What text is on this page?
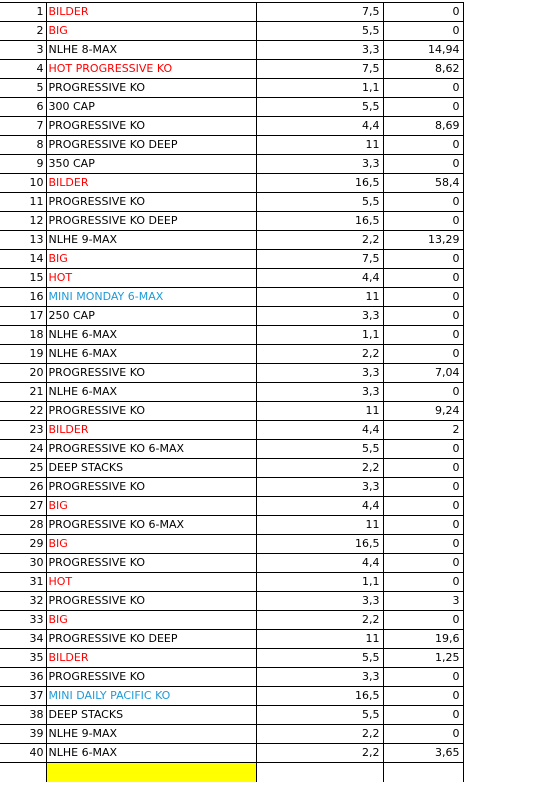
1	BILDER	7,5	0	
2	BIG	5,5	0	
3	NLHE 8-MAX	3,3	14,94	
4	HOT PROGRESSIVE KO	7,5	8,62	
5	PROGRESSIVE KO	1,1	0	
6	300 CAP	5,5	0	
7	PROGRESSIVE KO	4,4	8,69	
8	PROGRESSIVE KO DEEP	11	0	
9	350 CAP	3,3	0	
10	BILDER	16,5	58,4	
11	PROGRESSIVE KO	5,5	0	
12	PROGRESSIVE KO DEEP	16,5	0	
13	NLHE 9-MAX	2,2	13,29	
14	BIG	7,5	0	
15	HOT	4,4	0	
16	MINI MONDAY 6-MAX	11	0	
17	250 CAP	3,3	0	
18	NLHE 6-MAX	1,1	0	
19	NLHE 6-MAX	2,2	0	
20	PROGRESSIVE KO	3,3	7,04	
21	NLHE 6-MAX	3,3	0	
22	PROGRESSIVE KO	11	9,24	
23	BILDER	4,4	2	
24	PROGRESSIVE KO 6-MAX	5,5	0	
25	DEEP STACKS	2,2	0	
26	PROGRESSIVE KO	3,3	0	
27	BIG	4,4	0	
28	PROGRESSIVE KO 6-MAX	11	0	
29	BIG	16,5	0	
30	PROGRESSIVE KO	4,4	0	
31	HOT	1,1	0	
32	PROGRESSIVE KO	3,3	3	
33	BIG	2,2	0	
34	PROGRESSIVE KO DEEP	11	19,6	
35	BILDER	5,5	1,25	
36	PROGRESSIVE KO	3,3	0	
37	MINI DAILY PACIFIC KO	16,5	0	
38	DEEP STACKS	5,5	0	
39	NLHE 9-MAX	2,2	0	
40	NLHE 6-MAX	2,2	3,65	
